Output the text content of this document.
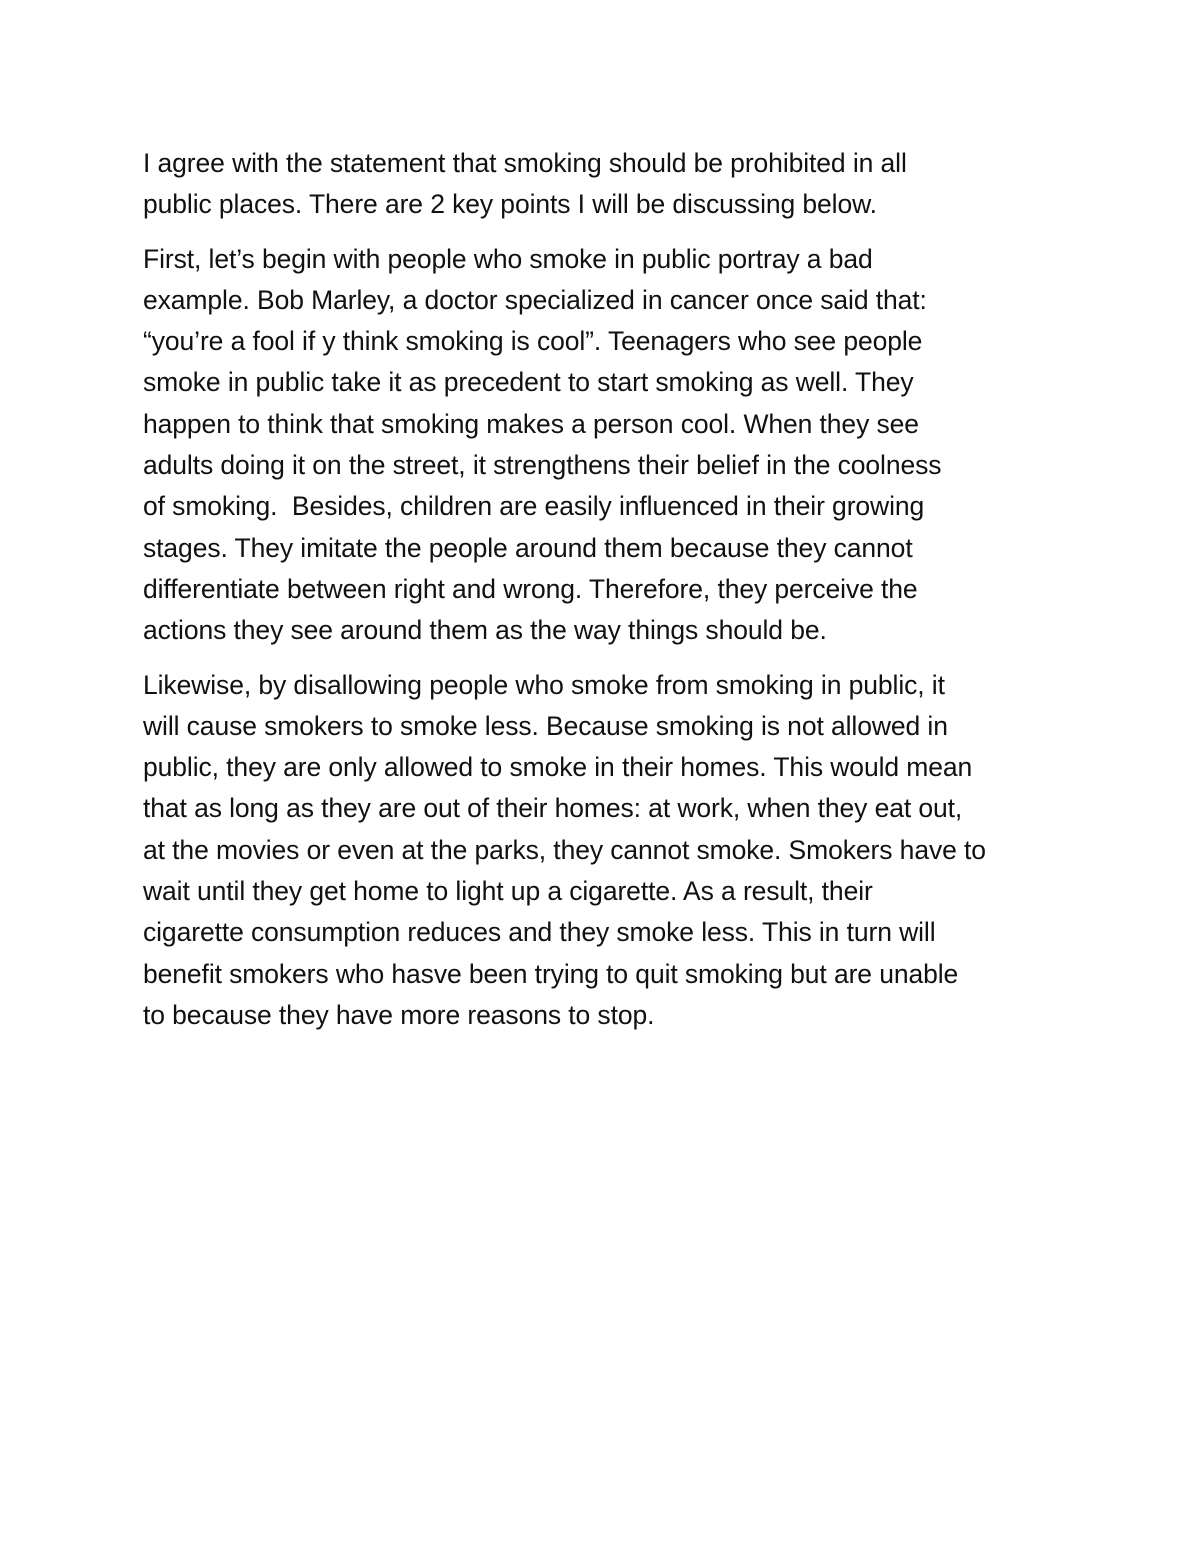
I agree with the statement that smoking should be prohibited in all
public places. There are 2 key points I will be discussing below.

First, let’s begin with people who smoke in public portray a bad
example. Bob Marley, a doctor specialized in cancer once said that:
“you’re a fool if y think smoking is cool”. Teenagers who see people
smoke in public take it as precedent to start smoking as well. They
happen to think that smoking makes a person cool. When they see
adults doing it on the street, it strengthens their belief in the coolness
of smoking.  Besides, children are easily influenced in their growing
stages. They imitate the people around them because they cannot
differentiate between right and wrong. Therefore, they perceive the
actions they see around them as the way things should be.

Likewise, by disallowing people who smoke from smoking in public, it
will cause smokers to smoke less. Because smoking is not allowed in
public, they are only allowed to smoke in their homes. This would mean
that as long as they are out of their homes: at work, when they eat out,
at the movies or even at the parks, they cannot smoke. Smokers have to
wait until they get home to light up a cigarette. As a result, their
cigarette consumption reduces and they smoke less. This in turn will
benefit smokers who hasve been trying to quit smoking but are unable
to because they have more reasons to stop.
